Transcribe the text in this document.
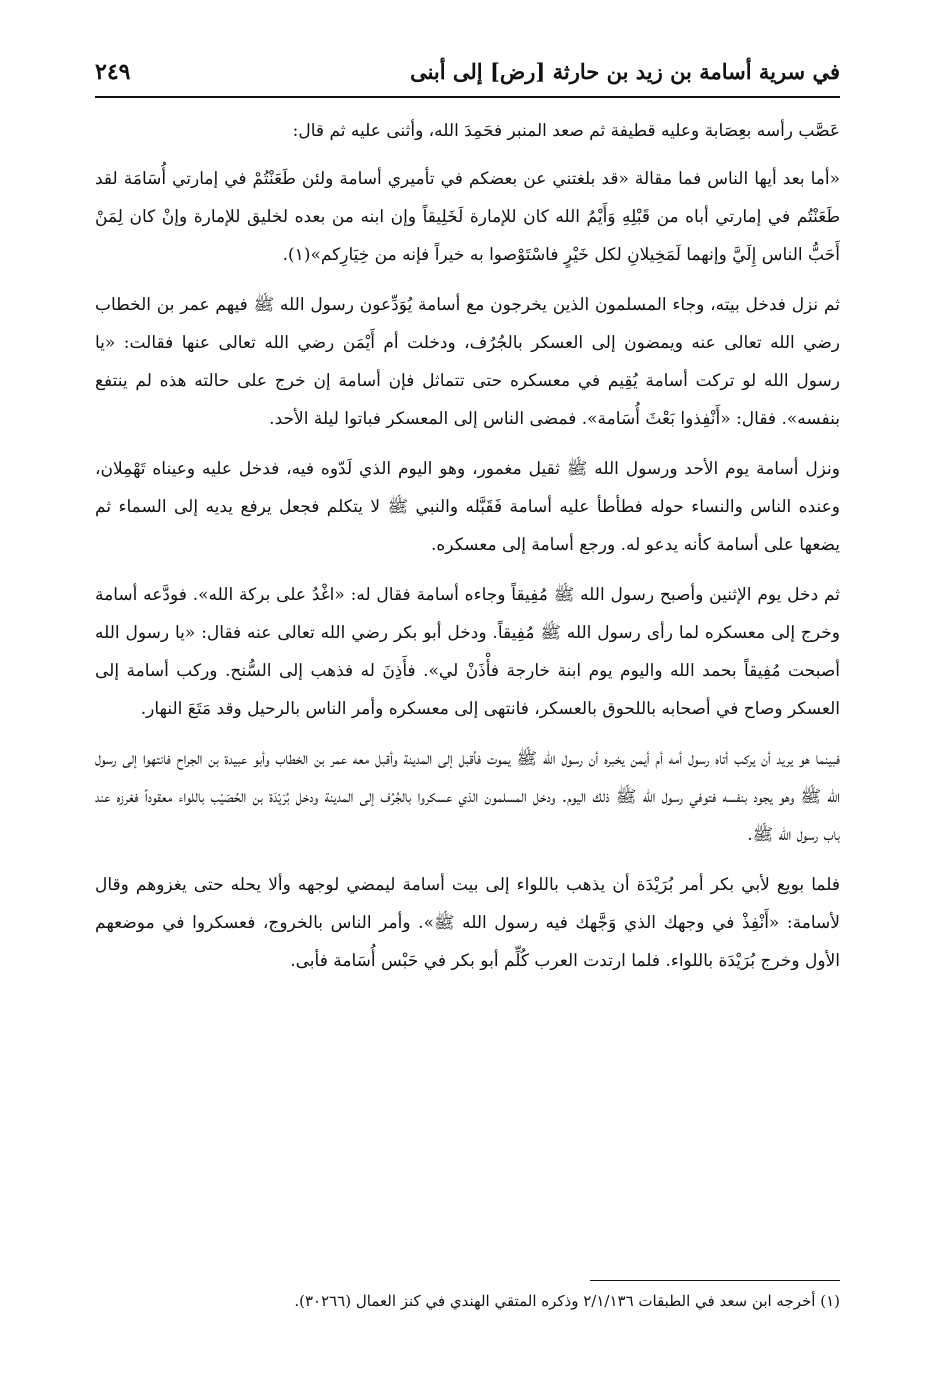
في سرية أسامة بن زيد بن حارثة [رض] إلى أبنى
٢٤٩

عَصَّب رأسه بعِصَابة وعليه قطيفة ثم صعد المنبر فحَمِدَ الله، وأثنى عليه ثم قال:

«أما بعد أيها الناس فما مقالة «قد بلغتني عن بعضكم في تأميري أسامة ولئن طَعَنْتُمْ في إمارتي أُسَامَة لقد طَعَنْتُم في إمارتي أباه من قَبْلِهِ وَأَيْمُ الله كان للإمارة لَخَلِيقاً وإن ابنه من بعده لخليق للإمارة وإنْ كان لِمَنْ أَحَبُّ الناس إِلَيَّ وإنهما لَمَخِيلانِ لكل خَيْرٍ فاسْتَوْصوا به خيراً فإنه من خِيَارِكم»(١).

ثم نزل فدخل بيته، وجاء المسلمون الذين يخرجون مع أسامة يُوَدِّعون رسول الله ﷺ فيهم عمر بن الخطاب رضي الله تعالى عنه ويمضون إلى العسكر بالجُرُف، ودخلت أم أَيْمَن رضي الله تعالى عنها فقالت: «يا رسول الله لو تركت أسامة يُقِيم في معسكره حتى تتماثل فإن أسامة إن خرج على حالته هذه لم ينتفع بنفسه». فقال: «أَنْفِذوا بَعْثَ أُسَامة». فمضى الناس إلى المعسكر فباتوا ليلة الأحد.

ونزل أسامة يوم الأحد ورسول الله ﷺ ثقيل مغمور، وهو اليوم الذي لَدّوه فيه، فدخل عليه وعيناه تَهْمِلان، وعنده الناس والنساء حوله فطأطأ عليه أسامة فَقَبَّله والنبي ﷺ لا يتكلم فجعل يرفع يديه إلى السماء ثم يضعها على أسامة كأنه يدعو له. ورجع أسامة إلى معسكره.

ثم دخل يوم الإثنين وأصبح رسول الله ﷺ مُفِيقاً وجاءه أسامة فقال له: «اغْدُ على بركة الله». فودَّعه أسامة وخرج إلى معسكره لما رأى رسول الله ﷺ مُفِيقاً. ودخل أبو بكر رضي الله تعالى عنه فقال: «يا رسول الله أصبحت مُفِيقاً بحمد الله واليوم يوم ابنة خارجة فأْذَنْ لي». فأَذِنَ له فذهب إلى السُّنح. وركب أسامة إلى العسكر وصاح في أصحابه باللحوق بالعسكر، فانتهى إلى معسكره وأمر الناس بالرحيل وقد مَتَعَ النهار.

فبينما هو يريد أن يركب أتاه رسول أمه أم أيمن يخبره أن رسول الله ﷺ يموت فأقبل إلى المدينة وأقبل معه عمر بن الخطاب وأبو عبيدة بن الجراح فانتهوا إلى رسول الله ﷺ وهو يجود بنفسه فتوفي رسول الله ﷺ ذلك اليوم. ودخل المسلمون الذي عسكروا بالجُرُف إلى المدينة ودخل بُرَيْدَة بن الحُصَيْب باللواء معقوداً فغرزه عند باب رسول الله ﷺ.

فلما بويع لأبي بكر أمر بُرَيْدَة أن يذهب باللواء إلى بيت أسامة ليمضي لوجهه وألا يحله حتى يغزوهم وقال لأسامة: «أَنْفِذْ في وجهك الذي وَجَّهك فيه رسول الله ﷺ». وأمر الناس بالخروج، فعسكروا في موضعهم الأول وخرج بُرَيْدَة باللواء. فلما ارتدت العرب كُلِّم أبو بكر في حَبْس أُسَامة فأبى.

(١) أخرجه ابن سعد في الطبقات ٢/١/١٣٦ وذكره المتقي الهندي في كنز العمال (٣٠٢٦٦).
